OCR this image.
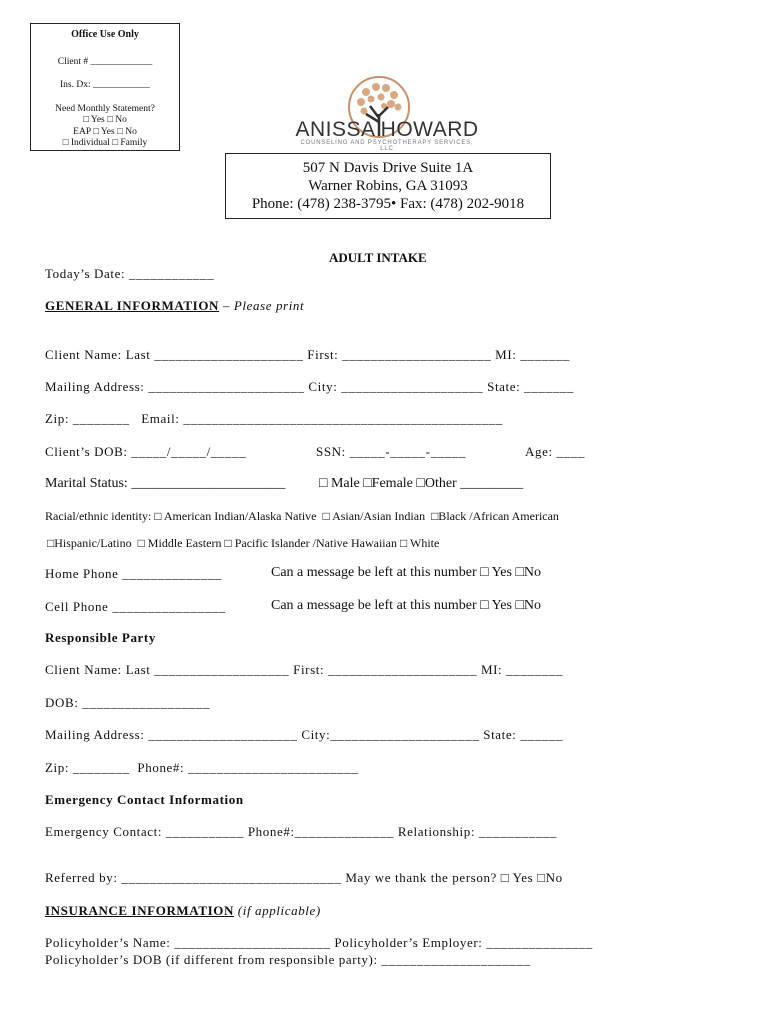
Office Use Only
Client # _____________
Ins. Dx: ____________
Need Monthly Statement?
□ Yes □ No
EAP □ Yes □ No
□ Individual □ Family
ANISSA HOWARD
COUNSELING AND PSYCHOTHERAPY SERVICES, LLC
507 N Davis Drive Suite 1A
Warner Robins, GA 31093
Phone: (478) 238-3795• Fax: (478) 202-9018
ADULT INTAKE
Today’s Date: ____________
GENERAL INFORMATION – Please print
Client Name: Last _____________________ First: _____________________ MI: _______
Mailing Address: ______________________ City: ____________________ State: _______
Zip: ________   Email: _____________________________________________
Client’s DOB: _____/_____/_____	SSN: _____-_____-_____	Age: ____
Marital Status: ______________________ □ Male □Female □Other _________
Racial/ethnic identity: □ American Indian/Alaska Native  □ Asian/Asian Indian  □Black /African American
□Hispanic/Latino  □ Middle Eastern □ Pacific Islander /Native Hawaiian □ White
Home Phone ______________	Can a message be left at this number □ Yes □No
Cell Phone ________________	Can a message be left at this number □ Yes □No
Responsible Party
Client Name: Last ___________________ First: _____________________ MI: ________
DOB: __________________
Mailing Address: _____________________ City:_____________________ State: ______
Zip: ________  Phone#: ________________________
Emergency Contact Information
Emergency Contact: ___________ Phone#:______________ Relationship: ___________
Referred by: _______________________________ May we thank the person? □ Yes □No
INSURANCE INFORMATION (if applicable)
Policyholder’s Name: ______________________ Policyholder’s Employer: _______________
Policyholder’s DOB (if different from responsible party): _____________________
